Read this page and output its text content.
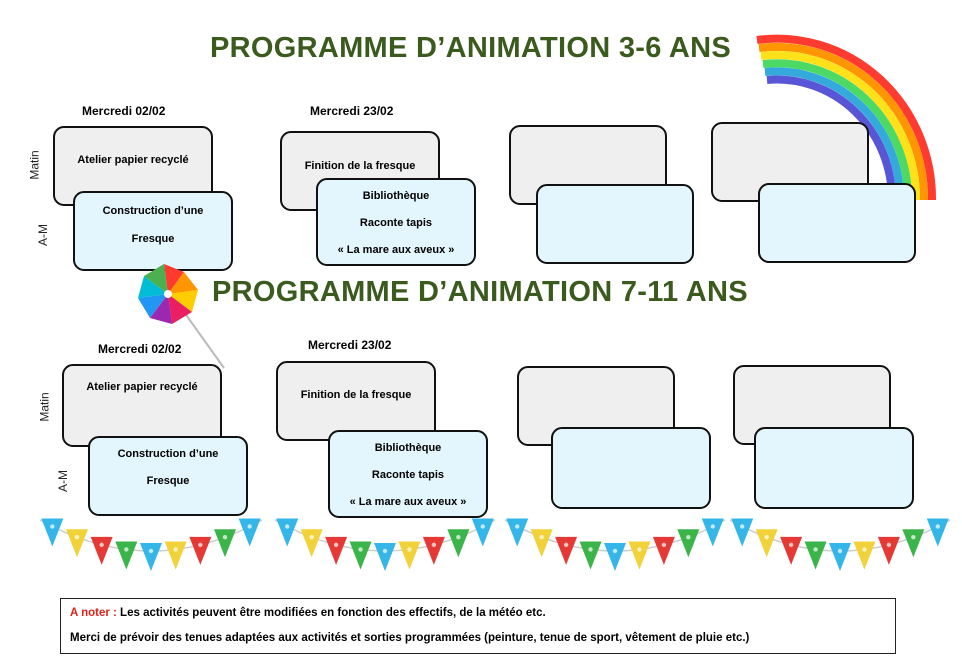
PROGRAMME D’ANIMATION 3-6 ANS
Mercredi 02/02	Mercredi 23/02
Matin
A-M
Atelier papier recyclé
Construction d’une
Fresque
Finition de la fresque
Bibliothèque
Raconte tapis
« La mare aux aveux »
PROGRAMME D’ANIMATION 7-11 ANS
Mercredi 02/02	Mercredi 23/02
Matin
A-M
Atelier papier recyclé
Construction d’une
Fresque
Finition de la fresque
Bibliothèque
Raconte tapis
« La mare aux aveux »
A noter : Les activités peuvent être modifiées en fonction des effectifs, de la météo etc.
Merci de prévoir des tenues adaptées aux activités et sorties programmées (peinture, tenue de sport, vêtement de pluie etc.)
